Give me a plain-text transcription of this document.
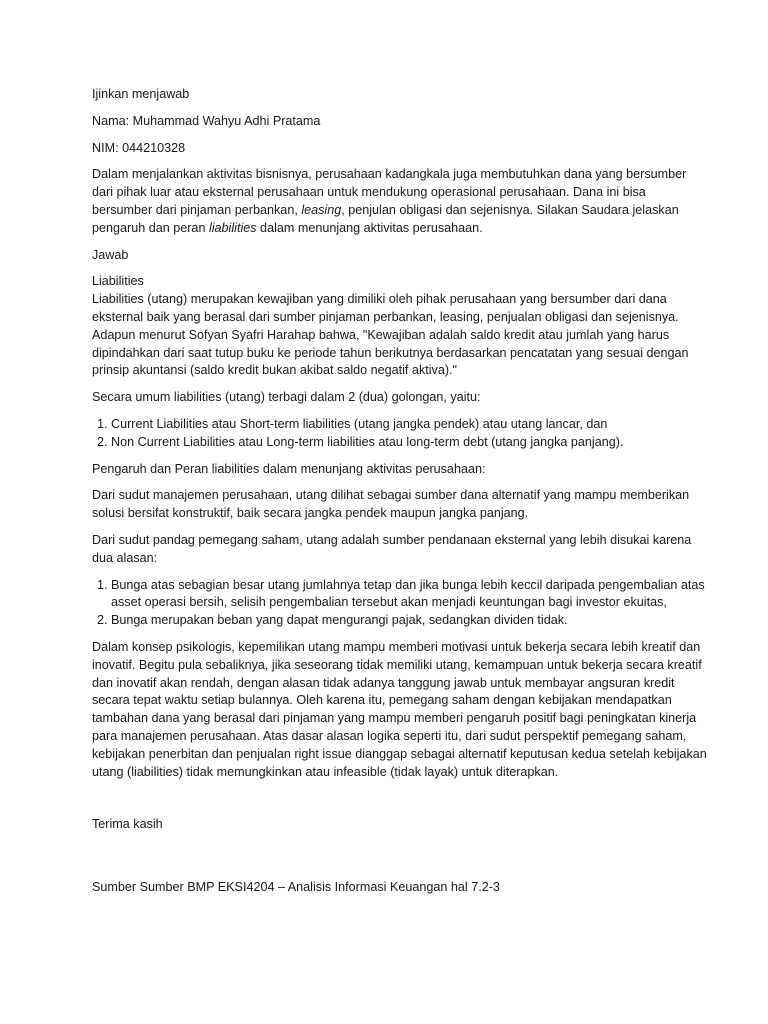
Ijinkan menjawab

Nama: Muhammad Wahyu Adhi Pratama

NIM: 044210328

Dalam menjalankan aktivitas bisnisnya, perusahaan kadangkala juga membutuhkan dana yang bersumber dari pihak luar atau eksternal perusahaan untuk mendukung operasional perusahaan. Dana ini bisa bersumber dari pinjaman perbankan, leasing, penjulan obligasi dan sejenisnya. Silakan Saudara jelaskan pengaruh dan peran liabilities dalam menunjang aktivitas perusahaan.

Jawab

Liabilities

Liabilities (utang) merupakan kewajiban yang dimiliki oleh pihak perusahaan yang bersumber dari dana eksternal baik yang berasal dari sumber pinjaman perbankan, leasing, penjualan obligasi dan sejenisnya. Adapun menurut Sofyan Syafri Harahap bahwa, "Kewajiban adalah saldo kredit atau jumlah yang harus dipindahkan dari saat tutup buku ke periode tahun berikutnya berdasarkan pencatatan yang sesuai dengan prinsip akuntansi (saldo kredit bukan akibat saldo negatif aktiva)."

Secara umum liabilities (utang) terbagi dalam 2 (dua) golongan, yaitu:

1. Current Liabilities atau Short-term liabilities (utang jangka pendek) atau utang lancar, dan
2. Non Current Liabilities atau Long-term liabilities atau long-term debt (utang jangka panjang).

Pengaruh dan Peran liabilities dalam menunjang aktivitas perusahaan:

Dari sudut manajemen perusahaan, utang dilihat sebagai sumber dana alternatif yang mampu memberikan solusi bersifat konstruktif, baik secara jangka pendek maupun jangka panjang.

Dari sudut pandag pemegang saham, utang adalah sumber pendanaan eksternal yang lebih disukai karena dua alasan:

1. Bunga atas sebagian besar utang jumlahnya tetap dan jika bunga lebih keccil daripada pengembalian atas asset operasi bersih, selisih pengembalian tersebut akan menjadi keuntungan bagi investor ekuitas,
2. Bunga merupakan beban yang dapat mengurangi pajak, sedangkan dividen tidak.

Dalam konsep psikologis, kepemilikan utang mampu memberi motivasi untuk bekerja secara lebih kreatif dan inovatif. Begitu pula sebaliknya, jika seseorang tidak memiliki utang, kemampuan untuk bekerja secara kreatif dan inovatif akan rendah, dengan alasan tidak adanya tanggung jawab untuk membayar angsuran kredit secara tepat waktu setiap bulannya. Oleh karena itu, pemegang saham dengan kebijakan mendapatkan tambahan dana yang berasal dari pinjaman yang mampu memberi pengaruh positif bagi peningkatan kinerja para manajemen perusahaan. Atas dasar alasan logika seperti itu, dari sudut perspektif pemegang saham, kebijakan penerbitan dan penjualan right issue dianggap sebagai alternatif keputusan kedua setelah kebijakan utang (liabilities) tidak memungkinkan atau infeasible (tidak layak) untuk diterapkan.

Terima kasih

Sumber Sumber BMP EKSI4204 – Analisis Informasi Keuangan hal 7.2-3
